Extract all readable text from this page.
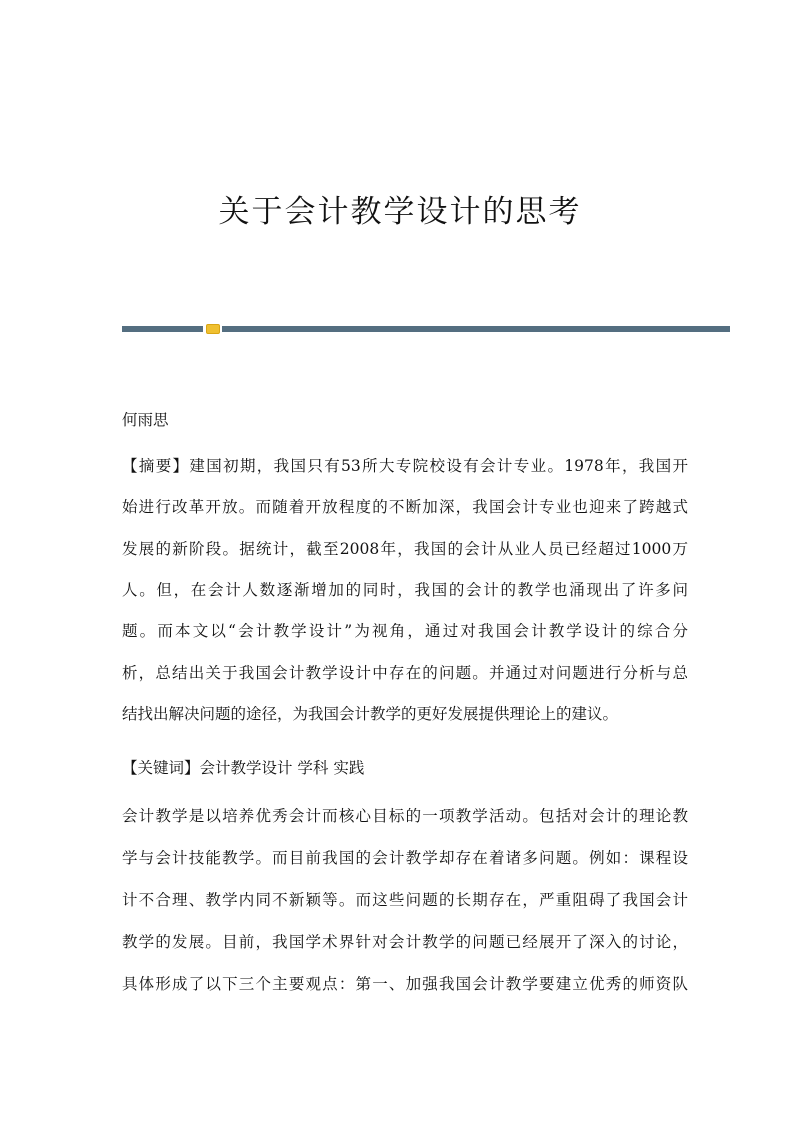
关于会计教学设计的思考
何雨思
【摘要】建国初期，我国只有53所大专院校设有会计专业。1978年，我国开
始进行改革开放。而随着开放程度的不断加深，我国会计专业也迎来了跨越式
发展的新阶段。据统计，截至2008年，我国的会计从业人员已经超过1000万
人。但，在会计人数逐渐增加的同时，我国的会计的教学也涌现出了许多问
题。而本文以“会计教学设计”为视角，通过对我国会计教学设计的综合分
析，总结出关于我国会计教学设计中存在的问题。并通过对问题进行分析与总
结找出解决问题的途径，为我国会计教学的更好发展提供理论上的建议。
【关键词】会计教学设计 学科 实践
会计教学是以培养优秀会计而核心目标的一项教学活动。包括对会计的理论教
学与会计技能教学。而目前我国的会计教学却存在着诸多问题。例如：课程设
计不合理、教学内同不新颖等。而这些问题的长期存在，严重阻碍了我国会计
教学的发展。目前，我国学术界针对会计教学的问题已经展开了深入的讨论，
具体形成了以下三个主要观点：第一、加强我国会计教学要建立优秀的师资队
